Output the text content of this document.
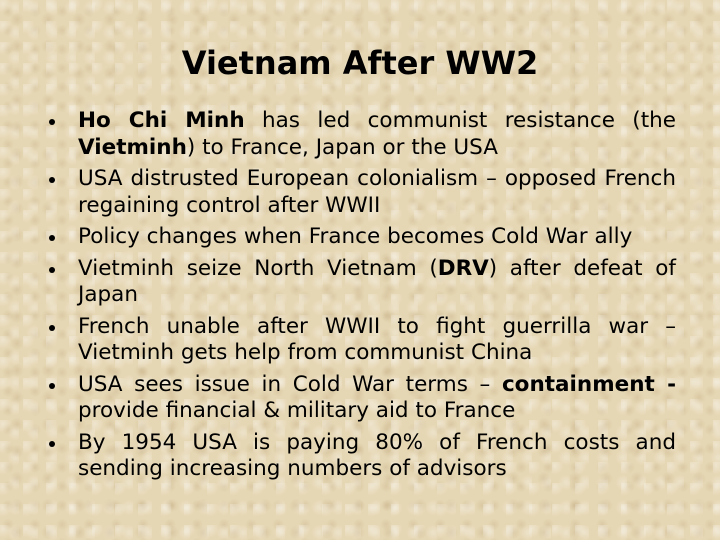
Vietnam After WW2
Ho Chi Minh has led communist resistance (the Vietminh) to France, Japan or the USA
USA distrusted European colonialism – opposed French regaining control after WWII
Policy changes when France becomes Cold War ally
Vietminh seize North Vietnam (DRV) after defeat of Japan
French unable after WWII to fight guerrilla war – Vietminh gets help from communist China
USA sees issue in Cold War terms – containment - provide financial & military aid to France
By 1954 USA is paying 80% of French costs and sending increasing numbers of advisors
